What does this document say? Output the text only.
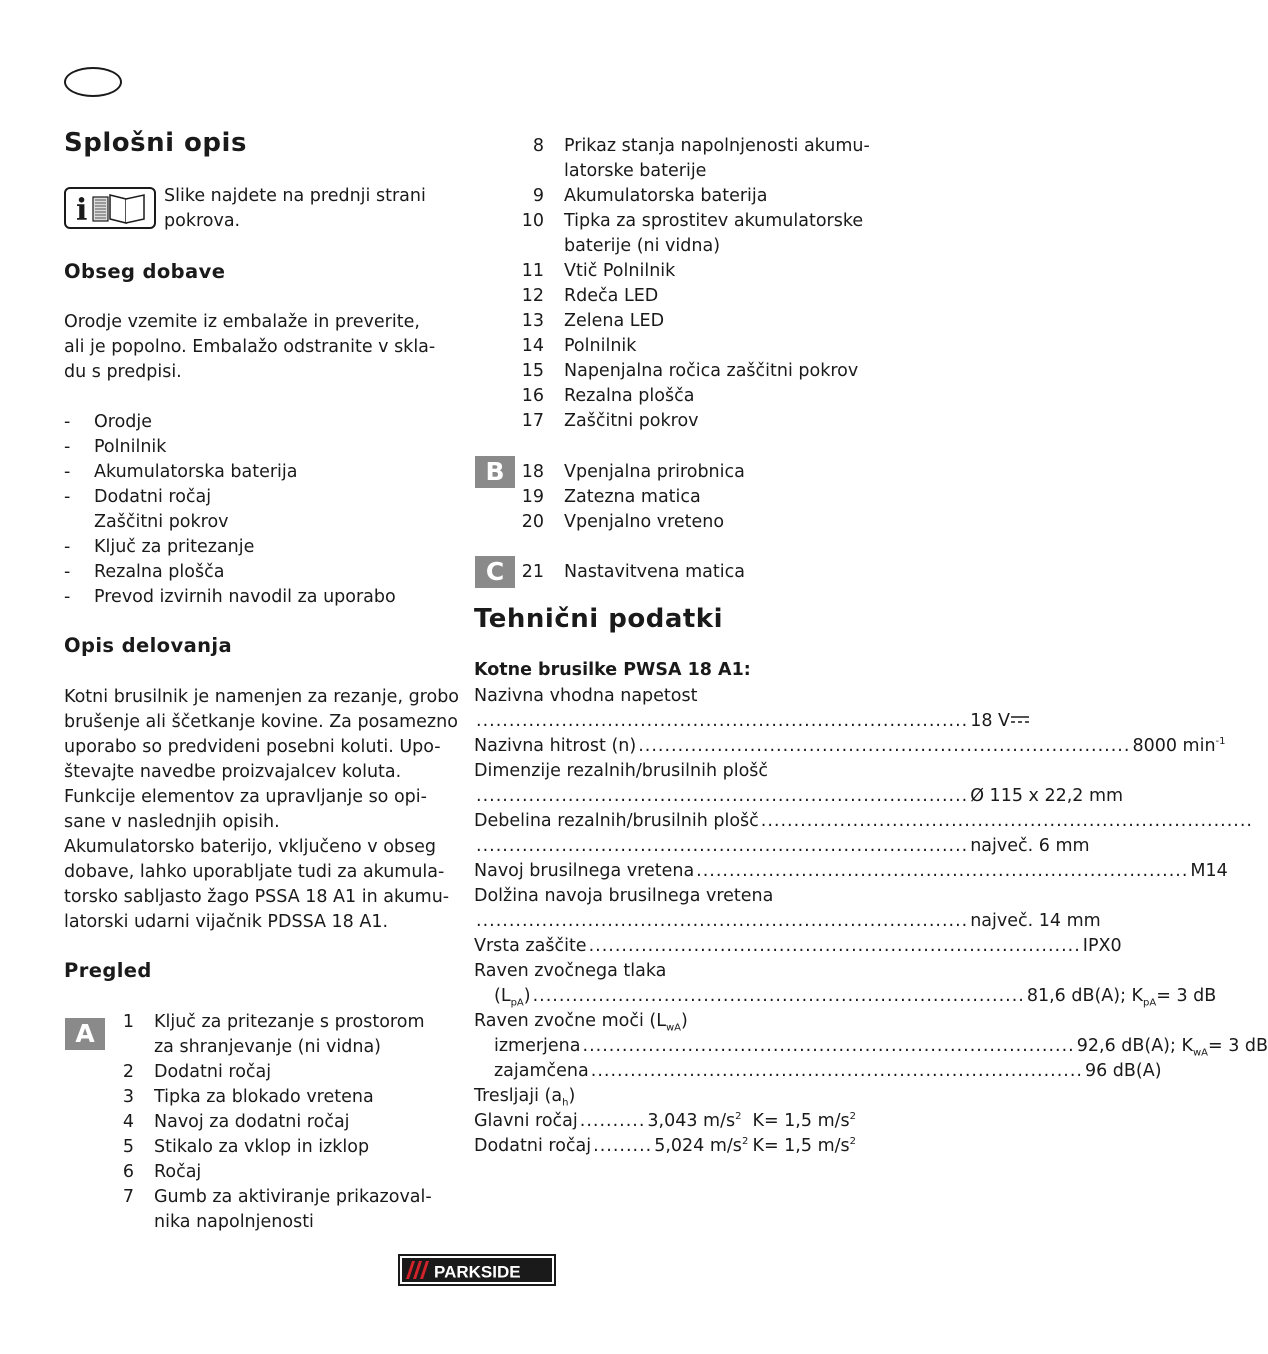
Splošni opis
i	Slike najdete na prednji strani
pokrova.
Obseg dobave
Orodje vzemite iz embalaže in preverite,
ali je popolno. Embalažo odstranite v skla-
du s predpisi.
- Orodje
- Polnilnik
- Akumulatorska baterija
- Dodatni ročaj
Zaščitni pokrov
- Ključ za pritezanje
- Rezalna plošča
- Prevod izvirnih navodil za uporabo
Opis delovanja
Kotni brusilnik je namenjen za rezanje, grobo
brušenje ali ščetkanje kovine. Za posamezno
uporabo so predvideni posebni koluti. Upo-
števajte navedbe proizvajalcev koluta.
Funkcije elementov za upravljanje so opi-
sane v naslednjih opisih.
Akumulatorsko baterijo, vključeno v obseg
dobave, lahko uporabljate tudi za akumula-
torsko sabljasto žago PSSA 18 A1 in akumu-
latorski udarni vijačnik PDSSA 18 A1.
Pregled
A	1 Ključ za pritezanje s prostorom
za shranjevanje (ni vidna)
2 Dodatni ročaj
3 Tipka za blokado vretena
4 Navoj za dodatni ročaj
5 Stikalo za vklop in izklop
6 Ročaj
7 Gumb za aktiviranje prikazoval-
nika napolnjenosti
8 Prikaz stanja napolnjenosti akumu-
latorske baterije
9 Akumulatorska baterija
10 Tipka za sprostitev akumulatorske
baterije (ni vidna)
11 Vtič Polnilnik
12 Rdeča LED
13 Zelena LED
14 Polnilnik
15 Napenjalna ročica zaščitni pokrov
16 Rezalna plošča
17 Zaščitni pokrov
B 18 Vpenjalna prirobnica
19 Zatezna matica
20 Vpenjalno vreteno
C	21 Nastavitvena matica
Tehnični podatki
Kotne brusilke PWSA 18 A1:
Nazivna vhodna napetost
........................................................................... 18 V
Nazivna hitrost (n) ........................................................................... 8000 $\min^{-1}$
Dimenzije rezalnih/brusilnih plošč
........................................................................... Ø 115 x 22,2 mm
Debelina rezalnih/brusilnih plošč ...........................................................................
........................................................................... največ. 6 mm
Navoj brusilnega vretena ........................................................................... M14
Dolžina navoja brusilnega vretena
........................................................................... največ. 14 mm
Vrsta zaščite ........................................................................... IPX0
Raven zvočnega tlaka
$(L_{pA})$ ........................................................................... 81,6 dB(A); $K_{pA}= 3$ dB
Raven zvočne moči $(L_{wA})$
izmerjena ........................................................................... 92,6 dB(A); $K_{wA}= 3$ dB
zajamčena ........................................................................... 96 dB(A)
Tresljaji $(a_h)$
Glavni ročaj .......... 3,043 $m/s^2$ K= 1,5 $m/s^2$
Dodatni ročaj ......... 5,024 $m/s^2$ K= 1,5 $m/s^2$
PARKSIDE
